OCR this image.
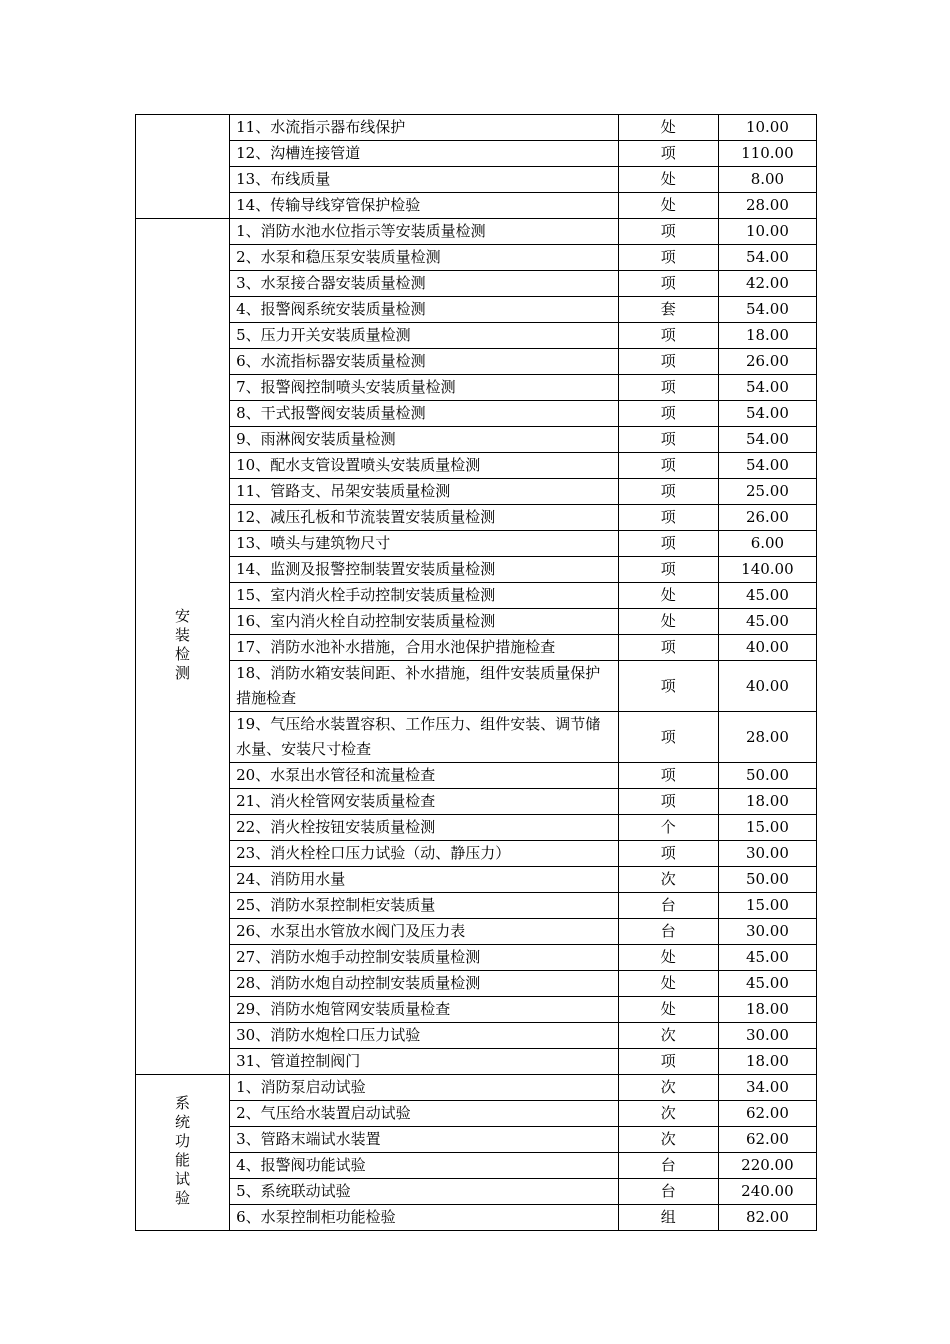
	11、水流指示器布线保护	处	10.00
	12、沟槽连接管道	项	110.00
	13、布线质量	处	8.00
	14、传输导线穿管保护检验	处	28.00
安装检测	1、消防水池水位指示等安装质量检测	项	10.00
	2、水泵和稳压泵安装质量检测	项	54.00
	3、水泵接合器安装质量检测	项	42.00
	4、报警阀系统安装质量检测	套	54.00
	5、压力开关安装质量检测	项	18.00
	6、水流指标器安装质量检测	项	26.00
	7、报警阀控制喷头安装质量检测	项	54.00
	8、干式报警阀安装质量检测	项	54.00
	9、雨淋阀安装质量检测	项	54.00
	10、配水支管设置喷头安装质量检测	项	54.00
	11、管路支、吊架安装质量检测	项	25.00
	12、减压孔板和节流装置安装质量检测	项	26.00
	13、喷头与建筑物尺寸	项	6.00
	14、监测及报警控制装置安装质量检测	项	140.00
	15、室内消火栓手动控制安装质量检测	处	45.00
	16、室内消火栓自动控制安装质量检测	处	45.00
	17、消防水池补水措施，合用水池保护措施检查	项	40.00
	18、消防水箱安装间距、补水措施，组件安装质量保护措施检查	项	40.00
	19、气压给水装置容积、工作压力、组件安装、调节储水量、安装尺寸检查	项	28.00
	20、水泵出水管径和流量检查	项	50.00
	21、消火栓管网安装质量检查	项	18.00
	22、消火栓按钮安装质量检测	个	15.00
	23、消火栓栓口压力试验（动、静压力）	项	30.00
	24、消防用水量	次	50.00
	25、消防水泵控制柜安装质量	台	15.00
	26、水泵出水管放水阀门及压力表	台	30.00
	27、消防水炮手动控制安装质量检测	处	45.00
	28、消防水炮自动控制安装质量检测	处	45.00
	29、消防水炮管网安装质量检查	处	18.00
	30、消防水炮栓口压力试验	次	30.00
	31、管道控制阀门	项	18.00
系统功能试验	1、消防泵启动试验	次	34.00
	2、气压给水装置启动试验	次	62.00
	3、管路末端试水装置	次	62.00
	4、报警阀功能试验	台	220.00
	5、系统联动试验	台	240.00
	6、水泵控制柜功能检验	组	82.00
